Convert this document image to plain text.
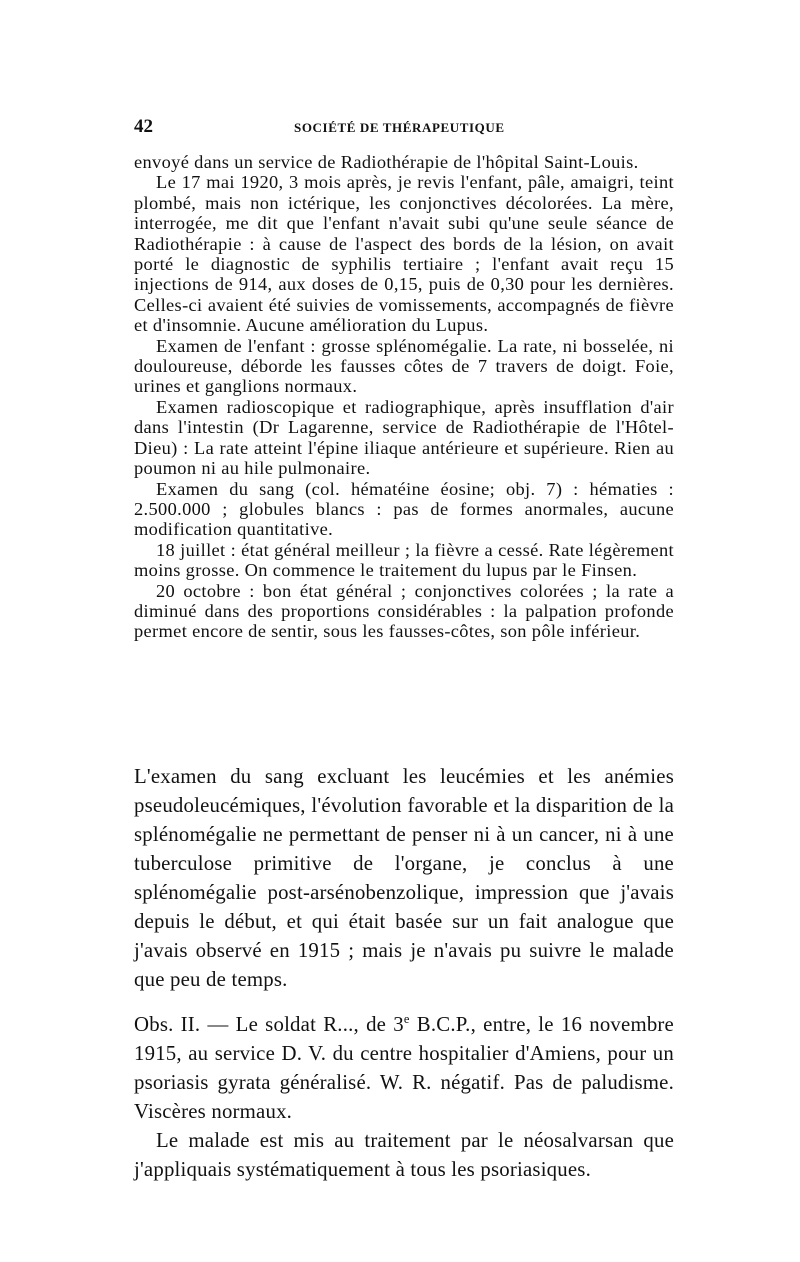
42	SOCIÉTÉ DE THÉRAPEUTIQUE

envoyé dans un service de Radiothérapie de l'hôpital Saint-Louis.

Le 17 mai 1920, 3 mois après, je revis l'enfant, pâle, amaigri, teint plombé, mais non ictérique, les conjonctives décolorées. La mère, interrogée, me dit que l'enfant n'avait subi qu'une seule séance de Radiothérapie : à cause de l'aspect des bords de la lésion, on avait porté le diagnostic de syphilis tertiaire ; l'enfant avait reçu 15 injections de 914, aux doses de 0,15, puis de 0,30 pour les dernières. Celles-ci avaient été suivies de vomissements, accompagnés de fièvre et d'insomnie. Aucune amélioration du Lupus.

Examen de l'enfant : grosse splénomégalie. La rate, ni bosselée, ni douloureuse, déborde les fausses côtes de 7 travers de doigt. Foie, urines et ganglions normaux.

Examen radioscopique et radiographique, après insufflation d'air dans l'intestin (Dr Lagarenne, service de Radiothérapie de l'Hôtel-Dieu) : La rate atteint l'épine iliaque antérieure et supérieure. Rien au poumon ni au hile pulmonaire.

Examen du sang (col. hématéine éosine; obj. 7) : hématies : 2.500.000 ; globules blancs : pas de formes anormales, aucune modification quantitative.

18 juillet : état général meilleur ; la fièvre a cessé. Rate légèrement moins grosse. On commence le traitement du lupus par le Finsen.

20 octobre : bon état général ; conjonctives colorées ; la rate a diminué dans des proportions considérables : la palpation profonde permet encore de sentir, sous les fausses-côtes, son pôle inférieur.

L'examen du sang excluant les leucémies et les anémies pseudoleucémiques, l'évolution favorable et la disparition de la splénomégalie ne permettant de penser ni à un cancer, ni à une tuberculose primitive de l'organe, je conclus à une splénomégalie post-arsénobenzolique, impression que j'avais depuis le début, et qui était basée sur un fait analogue que j'avais observé en 1915 ; mais je n'avais pu suivre le malade que peu de temps.

Obs. II. — Le soldat R..., de 3e B.C.P., entre, le 16 novembre 1915, au service D. V. du centre hospitalier d'Amiens, pour un psoriasis gyrata généralisé. W. R. négatif. Pas de paludisme. Viscères normaux.

Le malade est mis au traitement par le néosalvarsan que j'appliquais systématiquement à tous les psoriasiques.
